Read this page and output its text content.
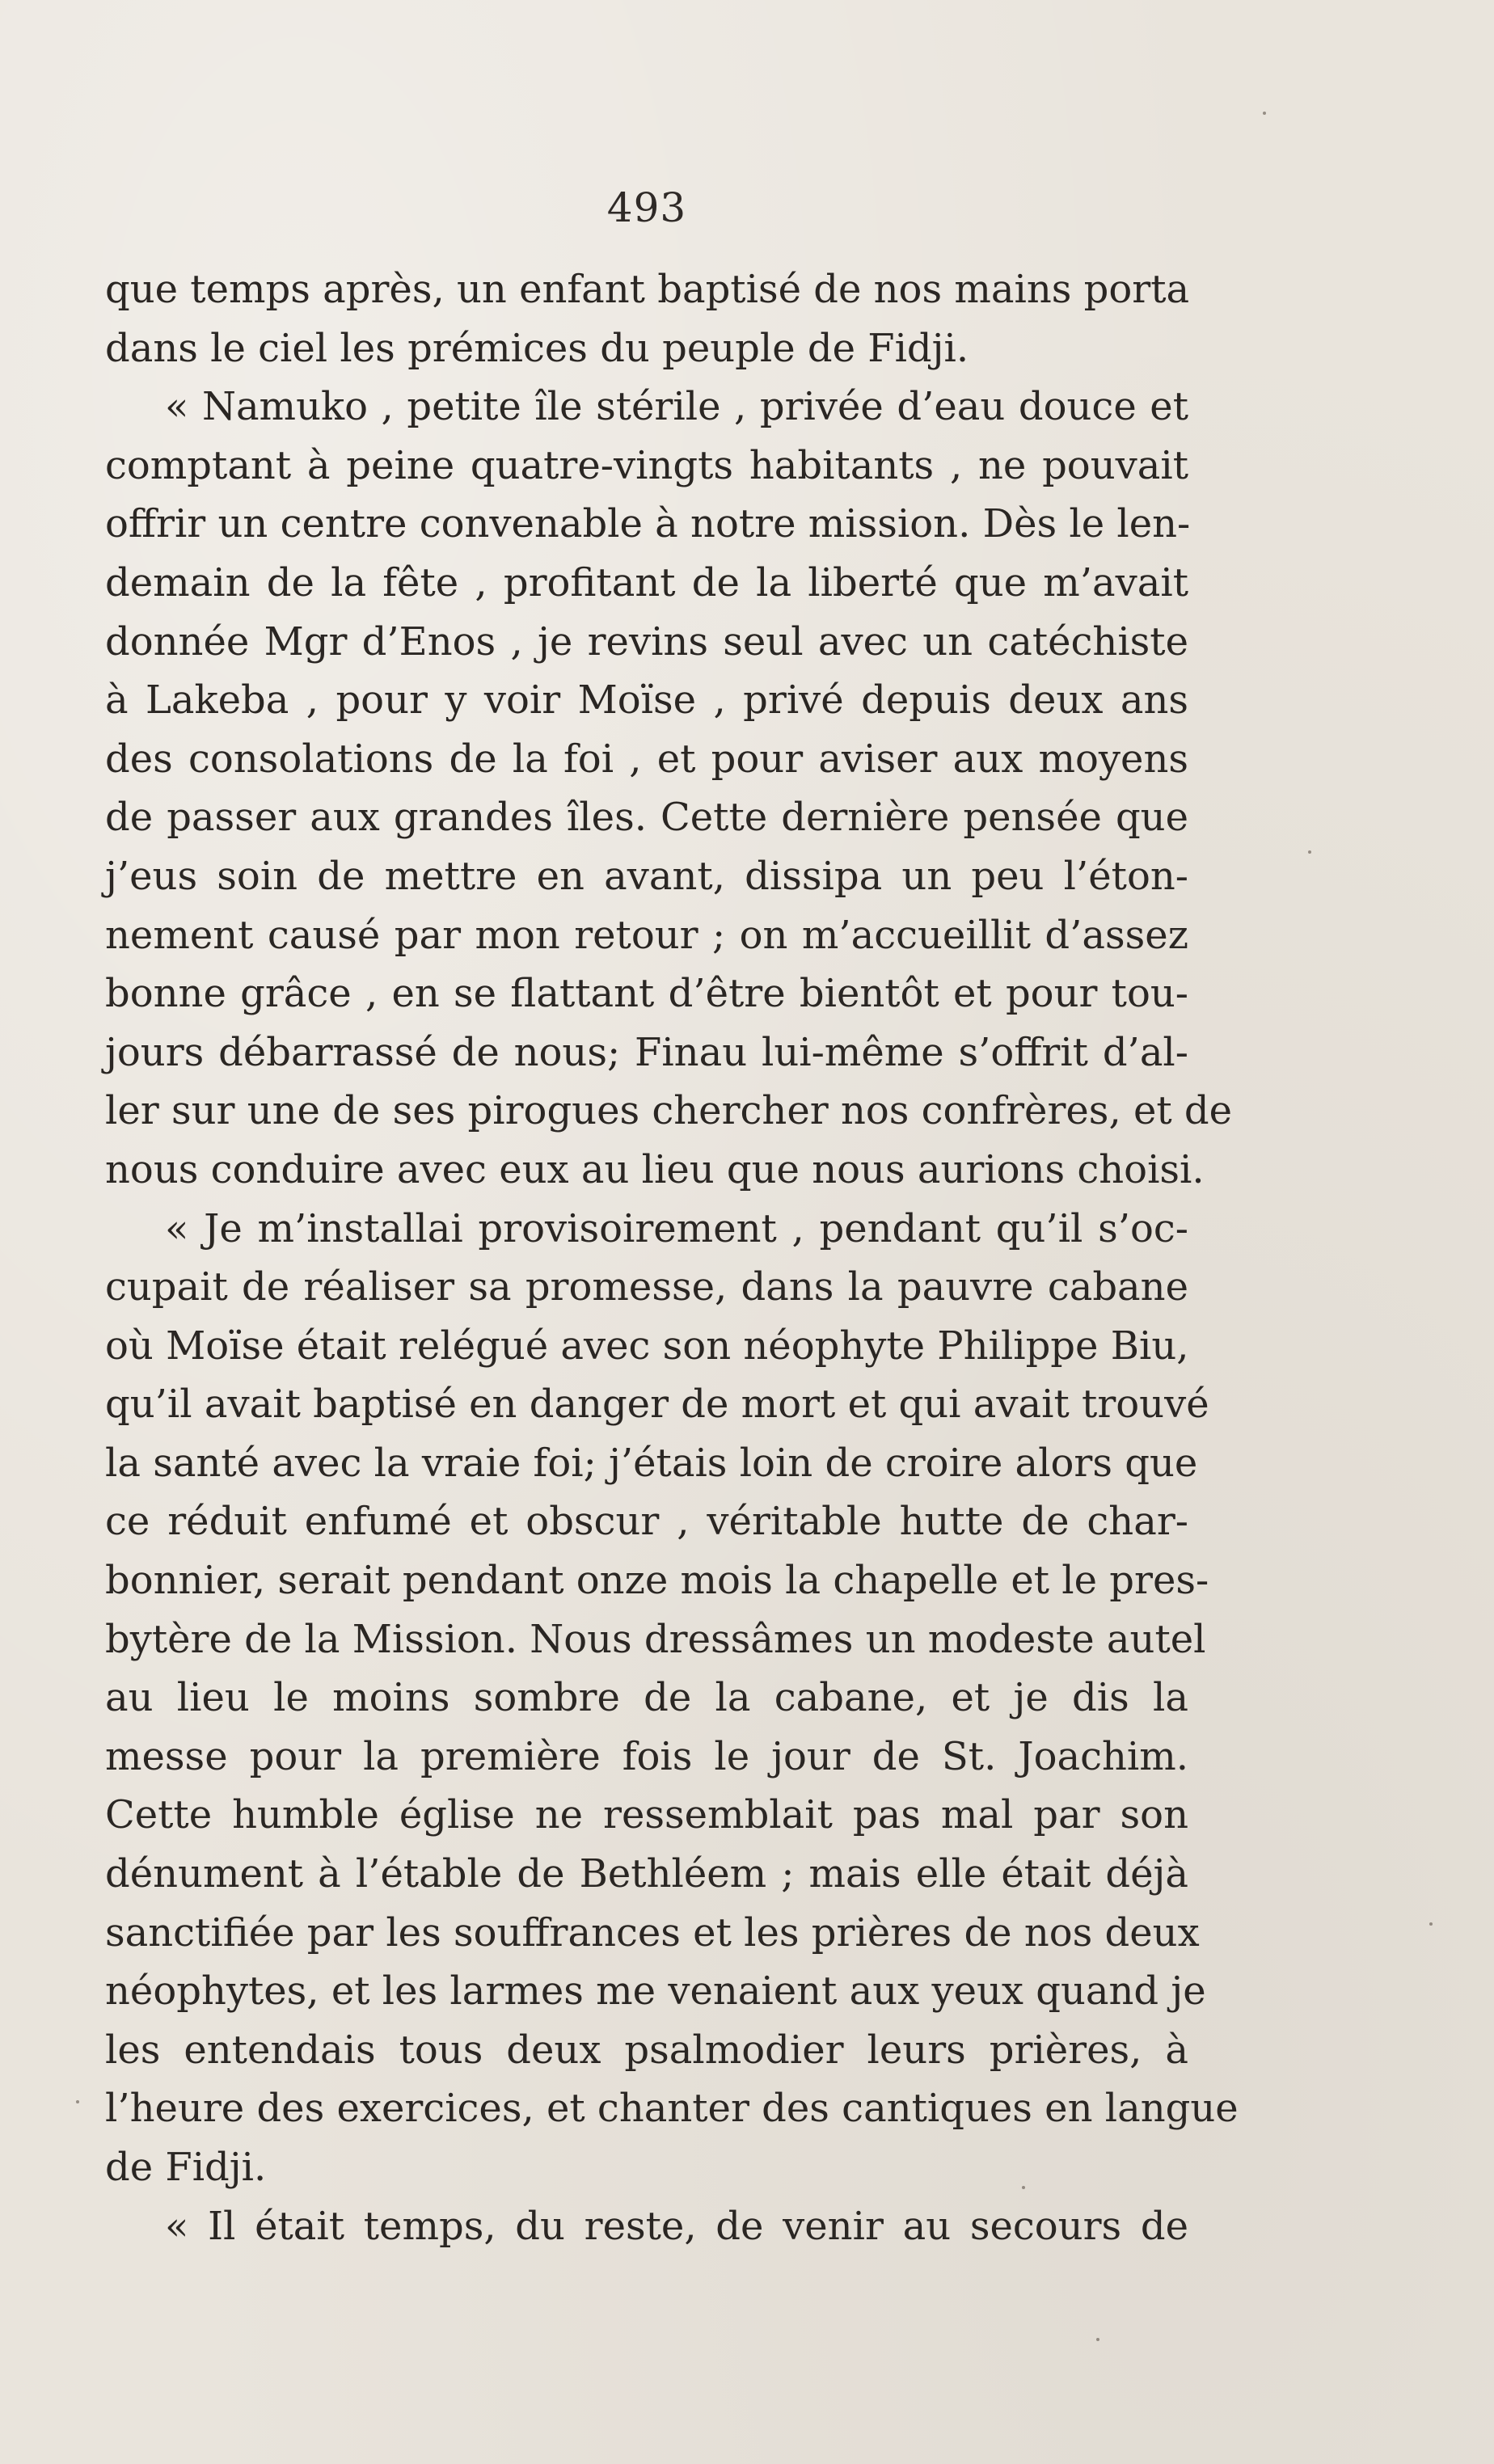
493
que temps après, un enfant baptisé de nos mains porta
dans le ciel les prémices du peuple de Fidji.
« Namuko , petite île stérile , privée d’eau douce et
comptant à peine quatre-vingts habitants , ne pouvait
offrir un centre convenable à notre mission. Dès le len-
demain de la fête , profitant de la liberté que m’avait
donnée Mgr d’Enos , je revins seul avec un catéchiste
à Lakeba , pour y voir Moïse , privé depuis deux ans
des consolations de la foi , et pour aviser aux moyens
de passer aux grandes îles. Cette dernière pensée que
j’eus soin de mettre en avant, dissipa un peu l’éton-
nement causé par mon retour ; on m’accueillit d’assez
bonne grâce , en se flattant d’être bientôt et pour tou-
jours débarrassé de nous; Finau lui-même s’offrit d’al-
ler sur une de ses pirogues chercher nos confrères, et de
nous conduire avec eux au lieu que nous aurions choisi.
« Je m’installai provisoirement , pendant qu’il s’oc-
cupait de réaliser sa promesse, dans la pauvre cabane
où Moïse était relégué avec son néophyte Philippe Biu,
qu’il avait baptisé en danger de mort et qui avait trouvé
la santé avec la vraie foi; j’étais loin de croire alors que
ce réduit enfumé et obscur , véritable hutte de char-
bonnier, serait pendant onze mois la chapelle et le pres-
bytère de la Mission. Nous dressâmes un modeste autel
au lieu le moins sombre de la cabane, et je dis la
messe pour la première fois le jour de St. Joachim.
Cette humble église ne ressemblait pas mal par son
dénument à l’étable de Bethléem ; mais elle était déjà
sanctifiée par les souffrances et les prières de nos deux
néophytes, et les larmes me venaient aux yeux quand je
les entendais tous deux psalmodier leurs prières, à
l’heure des exercices, et chanter des cantiques en langue
de Fidji.
« Il était temps, du reste, de venir au secours de
